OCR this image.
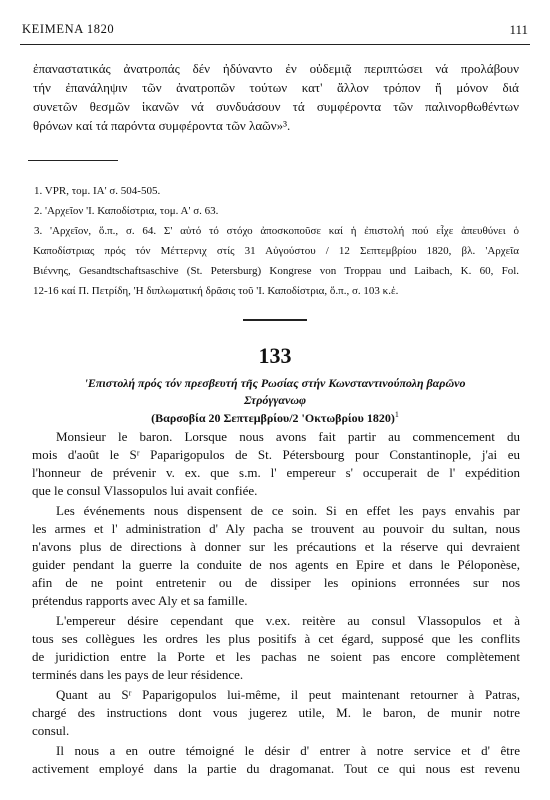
ΚΕΙΜΕΝΑ 1820	111
ἐπαναστατικάς ἀνατροπάς δέν ἠδύναντο ἐν οὐδεμιᾷ περιπτώσει νά προλάβουν
τήν ἐπανάληψιν τῶν ἀνατροπῶν τούτων κατ' ἄλλον τρόπον ἤ μόνον διά
συνετῶν θεσμῶν ἱκανῶν νά συνδυάσουν τά συμφέροντα τῶν παλινορθωθέντων
θρόνων καί τά παρόντα συμφέροντα τῶν λαῶν»³.
1. VPR, τομ. ΙΑ' σ. 504-505.
2. 'Αρχεῖον 'Ι. Καποδίστρια, τομ. Α' σ. 63.
3. 'Αρχεῖον, ὅ.π., σ. 64. Σ' αὐτό τό στόχο ἀποσκοποῦσε καί ἡ ἐπιστολή πού εἶχε ἀπευθύνει ὁ
Καποδίστριας πρός τόν Μέττερνιχ στίς 31 Αὐγούστου / 12 Σεπτεμβρίου 1820, βλ. 'Αρχεῖα
Βιέννης, Gesandtschaftsaschive (St. Petersburg) Kongrese von Troppau und Laibach, K. 60, Fol.
12-16 καί Π. Πετρίδη, 'Η διπλωματική δρᾶσις τοῦ 'Ι. Καποδίστρια, ὅ.π., σ. 103 κ.ἑ.
133
'Επιστολή πρός τόν πρεσβευτή τῆς Ρωσίας στήν Κωνσταντινούπολη βαρῶνο
Στρόγγανωφ
(Βαρσοβία 20 Σεπτεμβρίου/2 'Οκτωβρίου 1820)$^1$
Monsieur le baron. Lorsque nous avons fait partir au commencement du
mois d'août le Sʳ Paparigopulos de St. Pétersbourg pour Constantinople, j'ai eu
l'honneur de prévenir v. ex. que s.m. l' empereur s' occuperait de l' expédition
que le consul Vlassopulos lui avait confiée.
Les événements nous dispensent de ce soin. Si en effet les pays envahis par
les armes et l' administration d' Aly pacha se trouvent au pouvoir du sultan, nous
n'avons plus de directions à donner sur les précautions et la réserve qui devraient
guider pendant la guerre la conduite de nos agents en Epire et dans le Péloponèse,
afin de ne point entretenir ou de dissiper les opinions erronnées sur nos
prétendus rapports avec Aly et sa famille.
L'empereur désire cependant que v.ex. reitère au consul Vlassopulos et à
tous ses collègues les ordres les plus positifs à cet égard, supposé que les conflits
de juridiction entre la Porte et les pachas ne soient pas encore complètement
terminés dans les pays de leur résidence.
Quant au Sʳ Paparigopulos lui-même, il peut maintenant retourner à Patras,
chargé des instructions dont vous jugerez utile, M. le baron, de munir notre
consul.
Il nous a en outre témoigné le désir d' entrer à notre service et d' être
activement employé dans la partie du dragomanat. Tout ce qui nous est revenu
